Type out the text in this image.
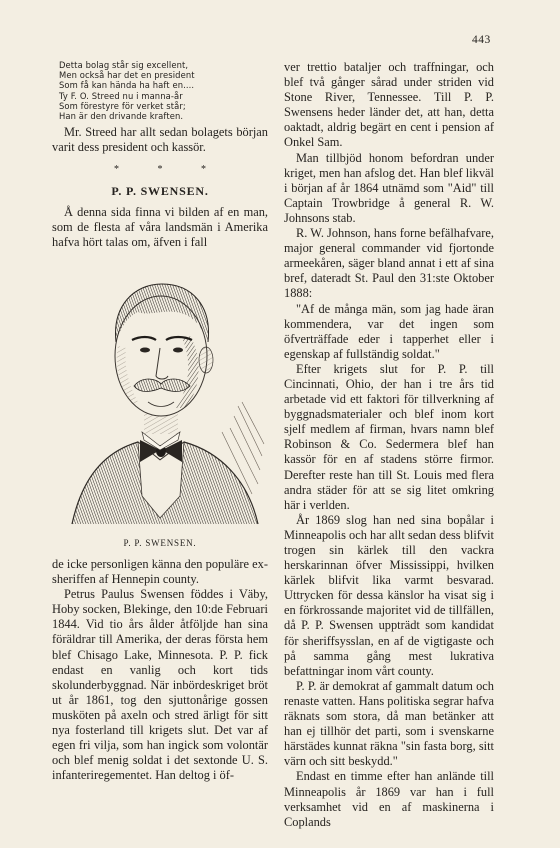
443
Detta bolag står sig excellent,
Men också har det en president
Som få kan hända ha haft en....
Ty F. O. Streed nu i manna-år
Som förestyre för verket står;
Han är den drivande kraften.

Mr. Streed har allt sedan bolagets början varit dess president och kassör.

* * *
P. P. SWENSEN.

Å denna sida finna vi bilden af en man, som de flesta af våra landsmän i Amerika hafva hört talas om, äfven i fall

P. P. SWENSEN.

de icke personligen känna den populäre ex-sheriffen af Hennepin county.

Petrus Paulus Swensen föddes i Väby, Hoby socken, Blekinge, den 10:de Februari 1844. Vid tio års ålder åtföljde han sina föräldrar till Amerika, der deras första hem blef Chisago Lake, Minnesota. P. P. fick endast en vanlig och kort tids skolunderbyggnad. När inbördeskriget bröt ut år 1861, tog den sjuttonårige gossen musköten på axeln och stred ärligt för sitt nya fosterland till krigets slut. Det var af egen fri vilja, som han ingick som volontär och blef menig soldat i det sextonde U. S. infanteriregementet. Han deltog i öf-

ver trettio bataljer och traffningar, och blef två gånger sårad under striden vid Stone River, Tennessee. Till P. P. Swensens heder länder det, att han, detta oaktadt, aldrig begärt en cent i pension af Onkel Sam.

Man tillbjöd honom befordran under kriget, men han afslog det. Han blef likväl i början af år 1864 utnämd som "Aid" till Captain Trowbridge å general R. W. Johnsons stab.

R. W. Johnson, hans forne befälhafvare, major general commander vid fjortonde armeekåren, säger bland annat i ett af sina bref, dateradt St. Paul den 31:ste Oktober 1888:

"Af de många män, som jag hade äran kommendera, var det ingen som öfverträffade eder i tapperhet eller i egenskap af fullständig soldat."

Efter krigets slut for P. P. till Cincinnati, Ohio, der han i tre års tid arbetade vid ett faktori för tillverkning af byggnadsmaterialer och blef inom kort sjelf medlem af firman, hvars namn blef Robinson & Co. Sedermera blef han kassör för en af stadens större firmor. Derefter reste han till St. Louis med flera andra städer för att se sig litet omkring här i verlden.

År 1869 slog han ned sina bopålar i Minneapolis och har allt sedan dess blifvit trogen sin kärlek till den vackra herskarinnan öfver Mississippi, hvilken kärlek blifvit lika varmt besvarad. Uttrycken för dessa känslor ha visat sig i en förkrossande majoritet vid de tillfällen, då P. P. Swensen uppträdt som kandidat för sheriffsysslan, en af de vigtigaste och på samma gång mest lukrativa befattningar inom vårt county.

P. P. är demokrat af gammalt datum och renaste vatten. Hans politiska segrar hafva räknats som stora, då man betänker att han ej tillhör det parti, som i svenskarne härstädes kunnat räkna "sin fasta borg, sitt värn och sitt beskydd."

Endast en timme efter han anlände till Minneapolis år 1869 var han i full verksamhet vid en af maskinerna i Coplands
